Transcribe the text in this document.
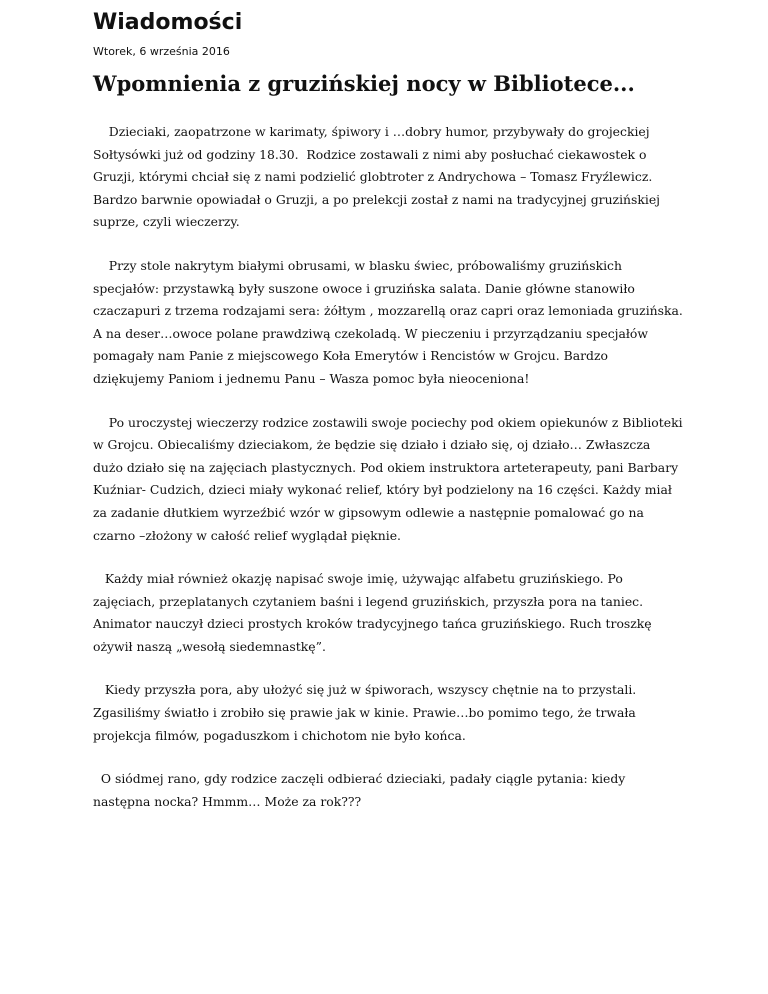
Wiadomości
Wtorek, 6 września 2016
Wpomnienia z gruzińskiej nocy w Bibliotece...

Dzieciaki, zaopatrzone w karimaty, śpiwory i …dobry humor, przybywały do grojeckiej
Sołtysówki już od godziny 18.30.  Rodzice zostawali z nimi aby posłuchać ciekawostek o
Gruzji, którymi chciał się z nami podzielić globtroter z Andrychowa – Tomasz Fryźlewicz.
Bardzo barwnie opowiadał o Gruzji, a po prelekcji został z nami na tradycyjnej gruzińskiej
suprze, czyli wieczerzy.

Przy stole nakrytym białymi obrusami, w blasku świec, próbowaliśmy gruzińskich
specjałów: przystawką były suszone owoce i gruzińska salata. Danie główne stanowiło
czaczapuri z trzema rodzajami sera: żółtym , mozzarellą oraz capri oraz lemoniada gruzińska.
A na deser…owoce polane prawdziwą czekoladą. W pieczeniu i przyrządzaniu specjałów
pomagały nam Panie z miejscowego Koła Emerytów i Rencistów w Grojcu. Bardzo
dziękujemy Paniom i jednemu Panu – Wasza pomoc była nieoceniona!

Po uroczystej wieczerzy rodzice zostawili swoje pociechy pod okiem opiekunów z Biblioteki
w Grojcu. Obiecaliśmy dzieciakom, że będzie się działo i działo się, oj działo… Zwłaszcza
dużo działo się na zajęciach plastycznych. Pod okiem instruktora arteterapeuty, pani Barbary
Kuźniar- Cudzich, dzieci miały wykonać relief, który był podzielony na 16 części. Każdy miał
za zadanie dłutkiem wyrzeźbić wzór w gipsowym odlewie a następnie pomalować go na
czarno –złożony w całość relief wyglądał pięknie.

Każdy miał również okazję napisać swoje imię, używając alfabetu gruzińskiego. Po
zajęciach, przeplatanych czytaniem baśni i legend gruzińskich, przyszła pora na taniec.
Animator nauczył dzieci prostych kroków tradycyjnego tańca gruzińskiego. Ruch troszkę
ożywił naszą „wesołą siedemnastkę”.

Kiedy przyszła pora, aby ułożyć się już w śpiworach, wszyscy chętnie na to przystali.
Zgasiliśmy światło i zrobiło się prawie jak w kinie. Prawie…bo pomimo tego, że trwała
projekcja filmów, pogaduszkom i chichotom nie było końca.

O siódmej rano, gdy rodzice zaczęli odbierać dzieciaki, padały ciągle pytania: kiedy
następna nocka? Hmmm… Może za rok???
